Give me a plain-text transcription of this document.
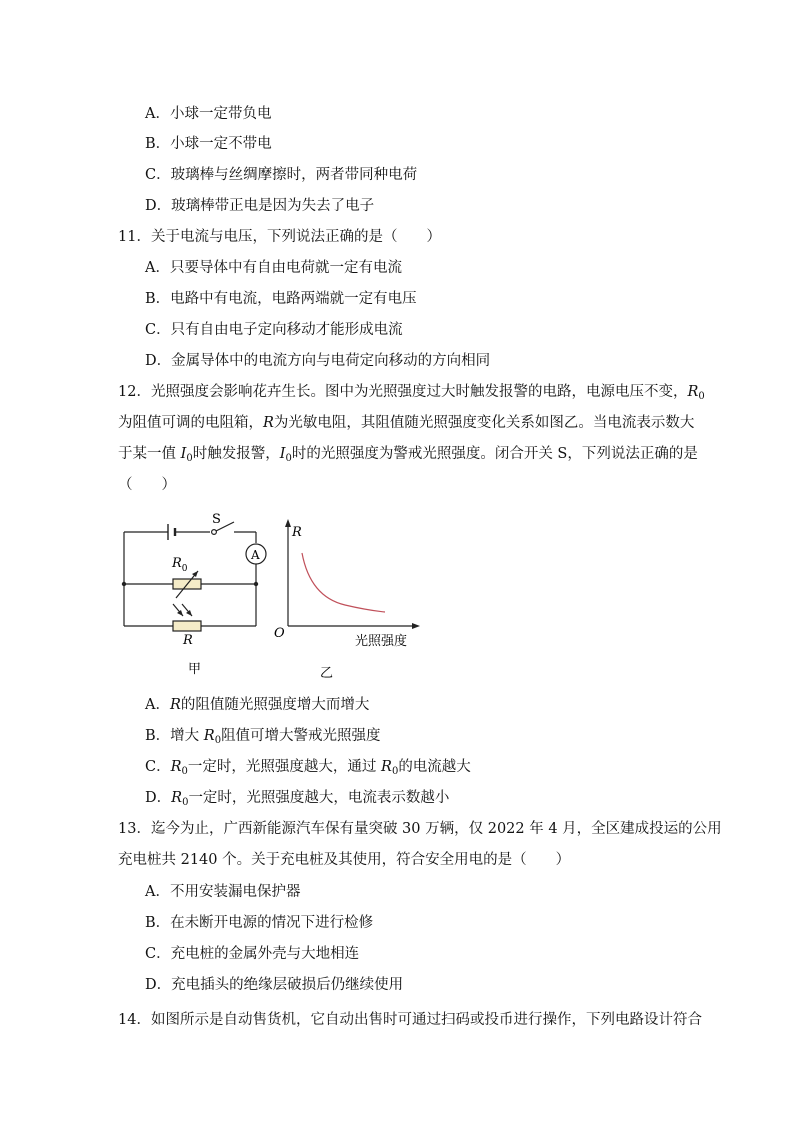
A．小球一定带负电
B．小球一定不带电
C．玻璃棒与丝绸摩擦时，两者带同种电荷
D．玻璃棒带正电是因为失去了电子
11．关于电流与电压，下列说法正确的是（　　）
A．只要导体中有自由电荷就一定有电流
B．电路中有电流，电路两端就一定有电压
C．只有自由电子定向移动才能形成电流
D．金属导体中的电流方向与电荷定向移动的方向相同
12．光照强度会影响花卉生长。图中为光照强度过大时触发报警的电路，电源电压不变，$R_0$
为阻值可调的电阻箱，R为光敏电阻，其阻值随光照强度变化关系如图乙。当电流表示数大
于某一值 $I_0$时触发报警，$I_0$时的光照强度为警戒光照强度。闭合开关 S，下列说法正确的是
（　　）
S
A
$R_0$
R
甲
R
O
光照强度
乙
A．R的阻值随光照强度增大而增大
B．增大 $R_0$阻值可增大警戒光照强度
C．$R_0$一定时，光照强度越大，通过 $R_0$的电流越大
D．$R_0$一定时，光照强度越大，电流表示数越小
13．迄今为止，广西新能源汽车保有量突破 30 万辆，仅 2022 年 4 月，全区建成投运的公用
充电桩共 2140 个。关于充电桩及其使用，符合安全用电的是（　　）
A．不用安装漏电保护器
B．在未断开电源的情况下进行检修
C．充电桩的金属外壳与大地相连
D．充电插头的绝缘层破损后仍继续使用
14．如图所示是自动售货机，它自动出售时可通过扫码或投币进行操作，下列电路设计符合
